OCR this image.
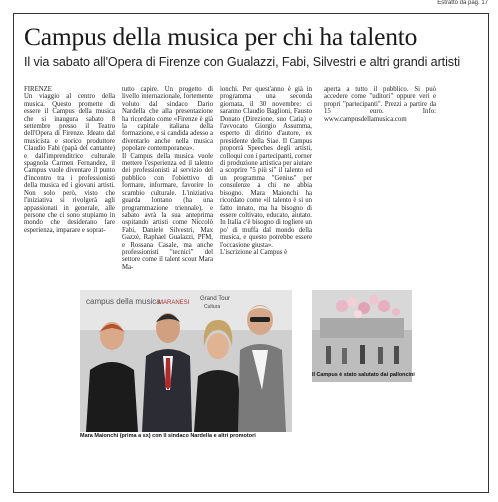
Estratto da pag. 17
Campus della musica per chi ha talento
Il via sabato all'Opera di Firenze con Gualazzi, Fabi, Silvestri e altri grandi artisti

FIRENZE
Un viaggio al centro della musica. Questo promette di essere il Campus della musica che si inaugura sabato 8 settembre presso il Teatro dell'Opera di Firenze. Ideato dal musicista e storico produttore Claudio Fabi (papà del cantante) e dall'imprenditrice culturale spagnola Carmen Fernandez, il Campus vuole diventare il punto d'incontro tra i professionisti della musica ed i giovani artisti. Non solo però, visto che l'iniziativa si rivolgerà agli appassionati in generale, alle persone che ci sono stupiamo in mondo che desiderano fare esperienza, imparare e soprat-

tutto capire. Un progetto di livello internazionale, fortemente voluto dal sindaco Dario Nardella che alla presentazione ha ricordato come «Firenze è già la capitale italiana della formazione, e si candida adesso a diventarlo anche nella musica popolare contemporanea».
Il Campus della musica vuole mettere l'esperienza ed il talento dei professionisti al servizio del pubblico con l'obiettivo di formare, informare, favorire lo scambio culturale. L'iniziativa guarda lontano (ha una programmazione triennale), e sabato avrà la sua anteprima ospitando artisti come Niccolò Fabi, Daniele Silvestri, Max Gazzè, Raphael Gualazzi, PFM, e Rossana Casale, ma anche professionisti "tecnici" del settore come il talent scout Mara Ma-

ionchi. Per quest'anno è già in programma una seconda giornata, il 30 novembre: ci saranno Claudio Baglioni, Fausto Donato (Direzione, suo Catia) e l'avvocato Giorgio Assumma, esperto di diritto d'autore, ex presidente della Siae. Il Campus proporrà Speeches degli artisti, colloqui con i partecipanti, corner di produzione artistica per aiutare a scoprire "5 più sì" il talento ed un programma "Genius" per consulenze a chi ne abbia bisogno. Mara Maionchi ha ricordato come «il talento è si un fatto innato, ma ha bisogno di essere coltivato, educato, aiutato. In Italia c'è bisogno di togliere un po' di muffa dal mondo della musica, e questo potrebbe essere l'occasione giusta».
L'iscrizione al Campus è

aperta a tutto il pubblico. Si può accedere come "uditori" oppure veri e propri "partecipanti". Prezzi a partire da 15 euro. Info: www.campusdellamusica.com

campus della musica
MARANESI
Grand Tour
Cultura
Mara Maionchi (prima a sx) con il sindaco Nardella e altri promotori
Il Campus è stato salutato dai palloncini
